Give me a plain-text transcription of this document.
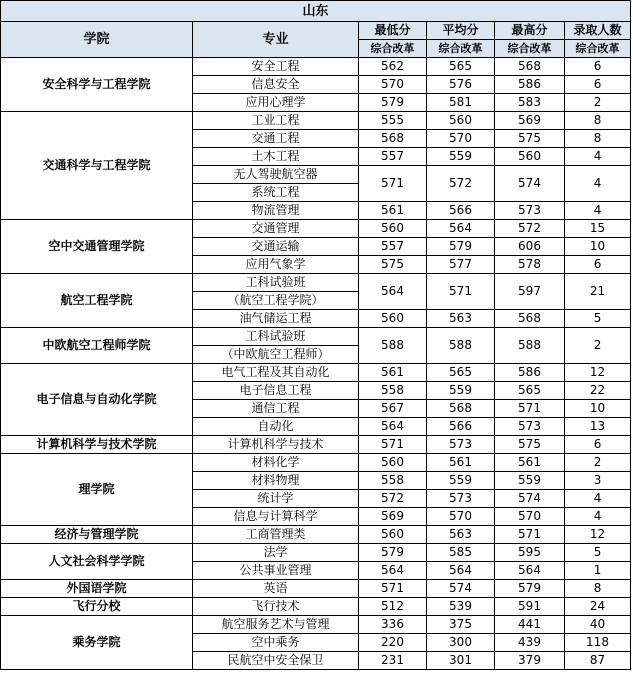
山东					
学院	专业	最低分	平均分	最高分	录取人数
		综合改革	综合改革	综合改革	综合改革
安全科学与工程学院	安全工程	562	565	568	6
	信息安全	570	576	586	6
	应用心理学	579	581	583	2
交通科学与工程学院	工业工程	555	560	569	8
	交通工程	568	570	575	8
	土木工程	557	559	560	4
	无人驾驶航空器	571	572	574	4
	系统工程				
	物流管理	561	566	573	4
空中交通管理学院	交通管理	560	564	572	15
	交通运输	557	579	606	10
	应用气象学	575	577	578	6
航空工程学院	工科试验班	564	571	597	21
	（航空工程学院）				
	油气储运工程	560	563	568	5
中欧航空工程师学院	工科试验班	588	588	588	2
	（中欧航空工程师）				
电子信息与自动化学院	电气工程及其自动化	561	565	586	12
	电子信息工程	558	559	565	22
	通信工程	567	568	571	10
	自动化	564	566	573	13
计算机科学与技术学院	计算机科学与技术	571	573	575	6
理学院	材料化学	560	561	561	2
	材料物理	558	559	559	3
	统计学	572	573	574	4
	信息与计算科学	569	570	570	4
经济与管理学院	工商管理类	560	563	571	12
人文社会科学学院	法学	579	585	595	5
	公共事业管理	564	564	564	1
外国语学院	英语	571	574	579	8
飞行分校	飞行技术	512	539	591	24
乘务学院	航空服务艺术与管理	336	375	441	40
	空中乘务	220	300	439	118
	民航空中安全保卫	231	301	379	87
